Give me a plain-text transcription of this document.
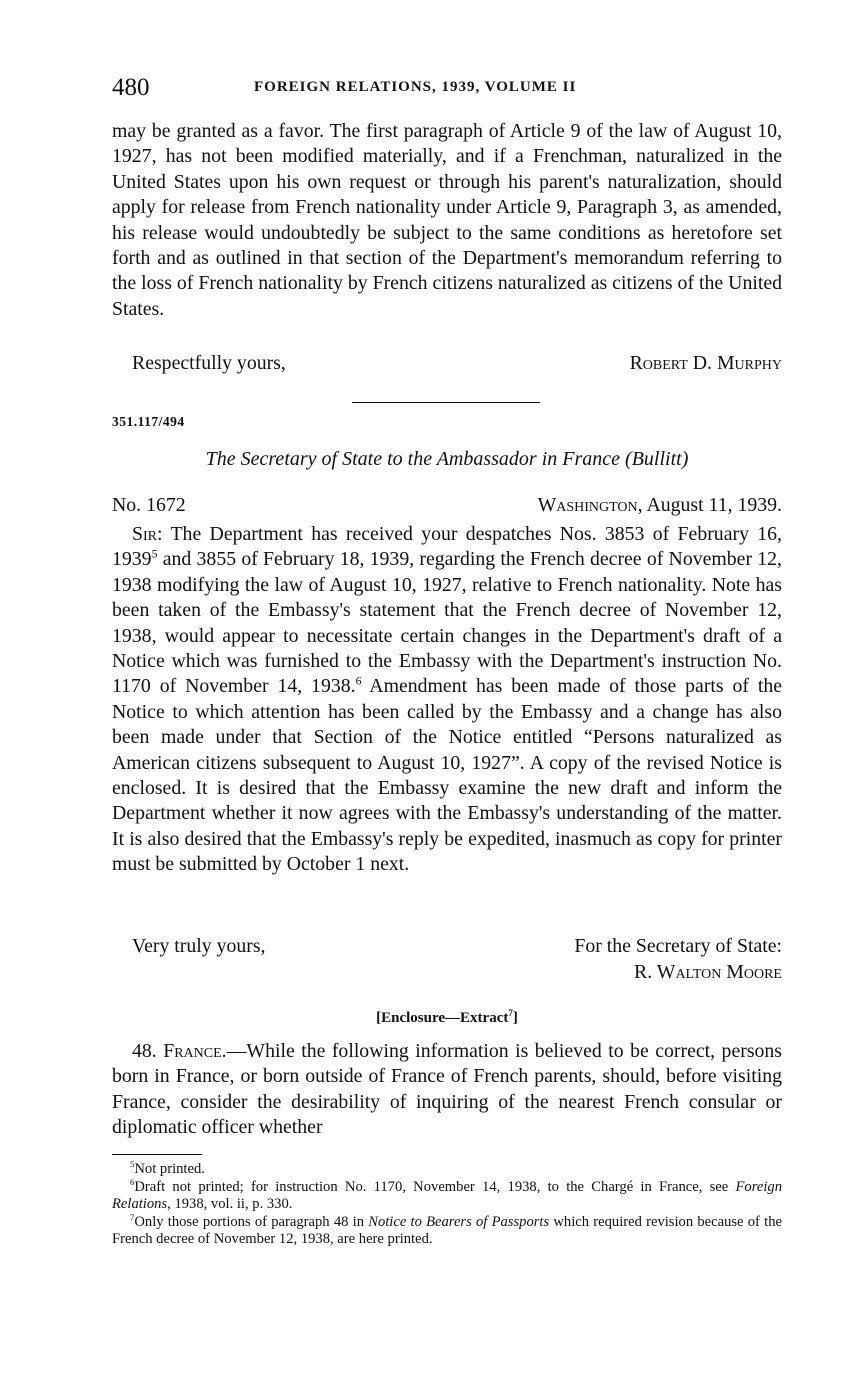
480	FOREIGN RELATIONS, 1939, VOLUME II
may be granted as a favor. The first paragraph of Article 9 of the law of August 10, 1927, has not been modified materially, and if a Frenchman, naturalized in the United States upon his own request or through his parent's naturalization, should apply for release from French nationality under Article 9, Paragraph 3, as amended, his release would undoubtedly be subject to the same conditions as heretofore set forth and as outlined in that section of the Department's memorandum referring to the loss of French nationality by French citizens naturalized as citizens of the United States.
Respectfully yours,	Robert D. Murphy
351.117/494
The Secretary of State to the Ambassador in France (Bullitt)
No. 1672	Washington, August 11, 1939.
Sir: The Department has received your despatches Nos. 3853 of February 16, 1939$^5$ and 3855 of February 18, 1939, regarding the French decree of November 12, 1938 modifying the law of August 10, 1927, relative to French nationality. Note has been taken of the Embassy's statement that the French decree of November 12, 1938, would appear to necessitate certain changes in the Department's draft of a Notice which was furnished to the Embassy with the Department's instruction No. 1170 of November 14, 1938.$^6$ Amendment has been made of those parts of the Notice to which attention has been called by the Embassy and a change has also been made under that Section of the Notice entitled “Persons naturalized as American citizens subsequent to August 10, 1927”. A copy of the revised Notice is enclosed. It is desired that the Embassy examine the new draft and inform the Department whether it now agrees with the Embassy's understanding of the matter. It is also desired that the Embassy's reply be expedited, inasmuch as copy for printer must be submitted by October 1 next.
Very truly yours,	For the Secretary of State:
R. Walton Moore
[Enclosure—Extract$^7$]
48. France.—While the following information is believed to be correct, persons born in France, or born outside of France of French parents, should, before visiting France, consider the desirability of inquiring of the nearest French consular or diplomatic officer whether

$^5$Not printed.

$^6$Draft not printed; for instruction No. 1170, November 14, 1938, to the Chargé in France, see Foreign Relations, 1938, vol. ii, p. 330.

$^7$Only those portions of paragraph 48 in Notice to Bearers of Passports which required revision because of the French decree of November 12, 1938, are here printed.
